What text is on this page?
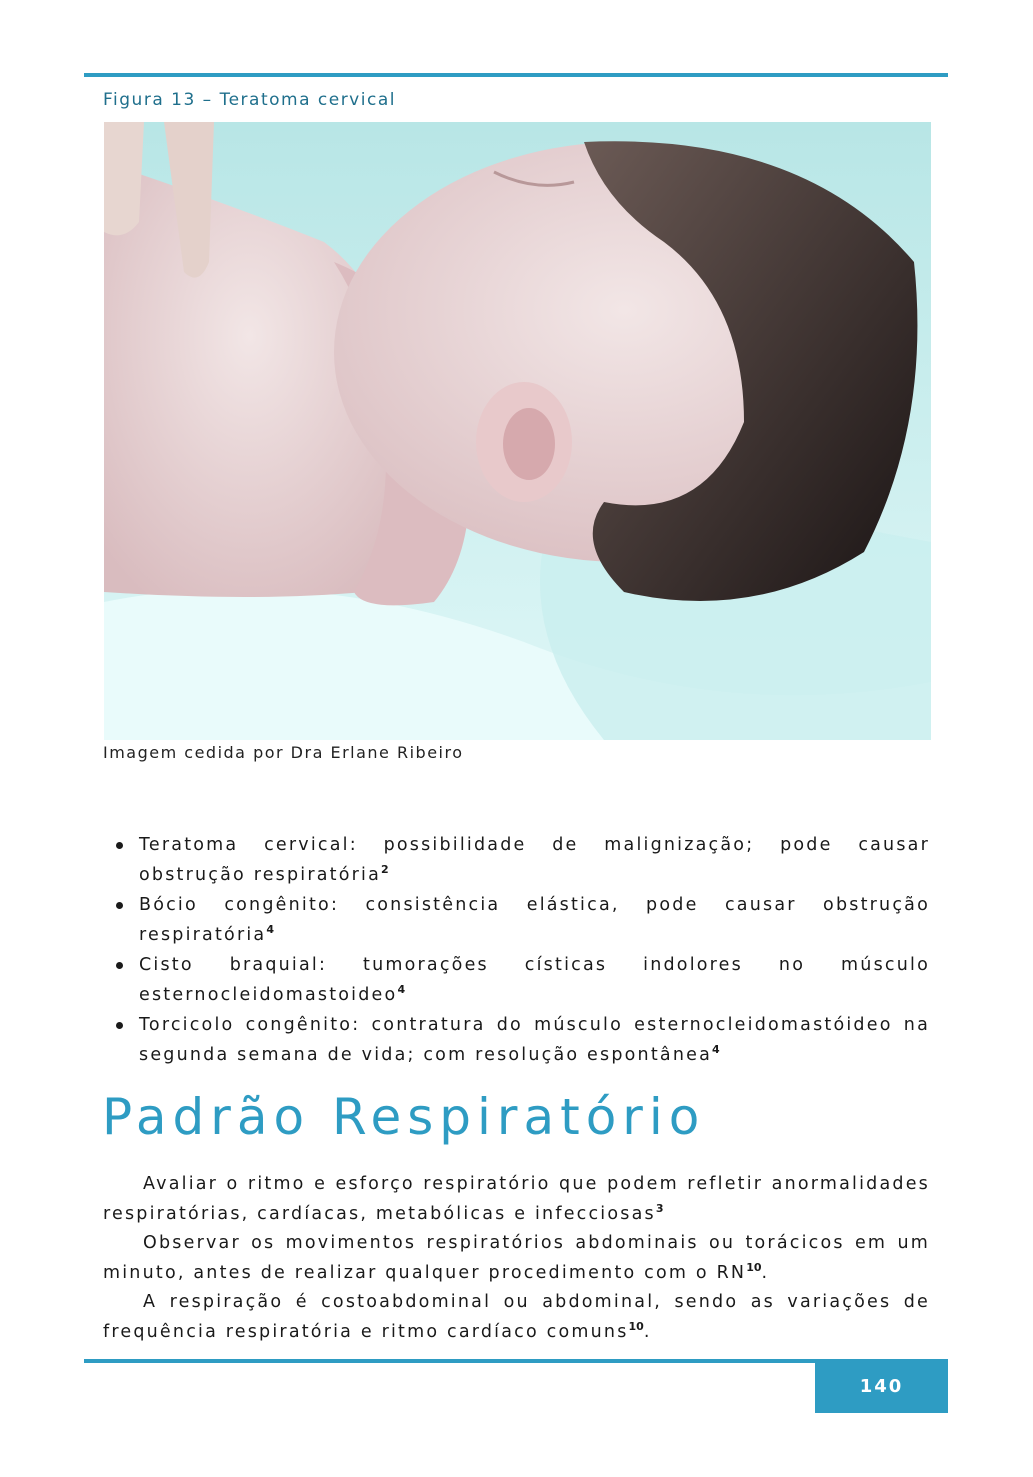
Figura 13 – Teratoma cervical
Imagem cedida por Dra Erlane Ribeiro
Teratoma cervical: possibilidade de malignização; pode causar obstrução respiratória$^2$
Bócio congênito: consistência elástica, pode causar obstrução respiratória$^4$
Cisto braquial: tumorações císticas indolores no músculo esternocleidomastoideo$^4$
Torcicolo congênito: contratura do músculo esternocleidomastóideo na segunda semana de vida; com resolução espontânea$^4$
Padrão Respiratório

Avaliar o ritmo e esforço respiratório que podem refletir anormalidades respiratórias, cardíacas, metabólicas e infecciosas$^3$

Observar os movimentos respiratórios abdominais ou torácicos em um minuto, antes de realizar qualquer procedimento com o RN$^{10}$.

A respiração é costoabdominal ou abdominal, sendo as variações de frequência respiratória e ritmo cardíaco comuns$^{10}$.

140
